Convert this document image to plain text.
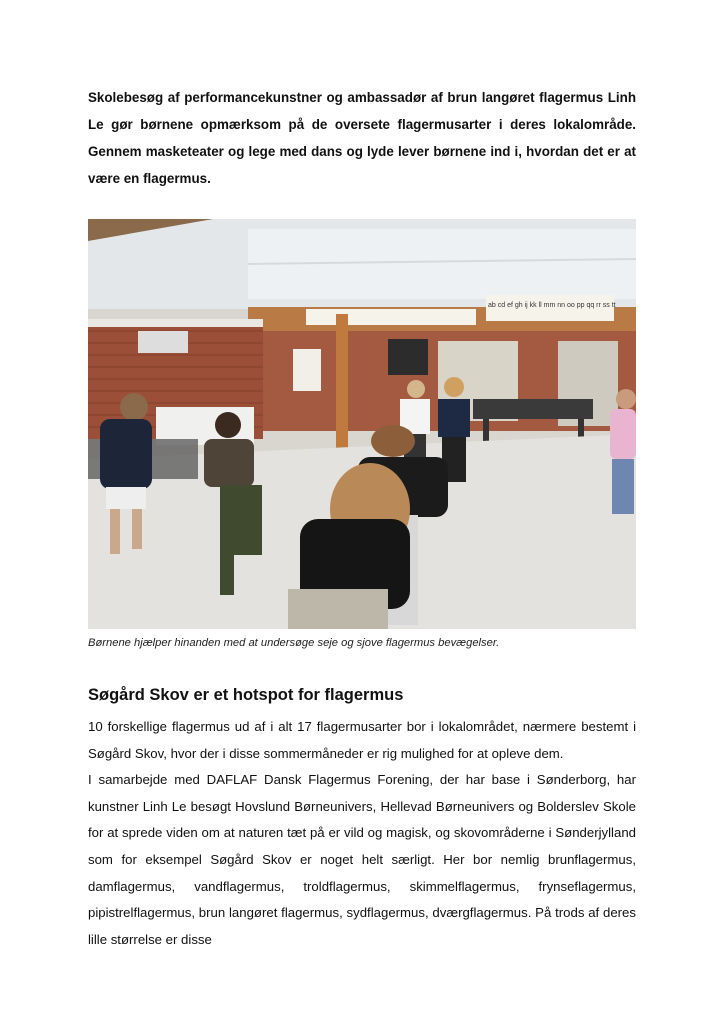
Skolebesøg af performancekunstner og ambassadør af brun langøret flagermus Linh Le gør børnene opmærksom på de oversete flagermusarter i deres lokalområde. Gennem masketeater og lege med dans og lyde lever børnene ind i, hvordan det er at være en flagermus.

ab cd ef gh ij kk ll mm nn oo pp qq rr ss tt

Børnene hjælper hinanden med at undersøge seje og sjove flagermus bevægelser.

Søgård Skov er et hotspot for flagermus

10 forskellige flagermus ud af i alt 17 flagermusarter bor i lokalområdet, nærmere bestemt i Søgård Skov, hvor der i disse sommermåneder er rig mulighed for at opleve dem.

I samarbejde med DAFLAF Dansk Flagermus Forening, der har base i Sønderborg, har kunstner Linh Le besøgt Hovslund Børneunivers, Hellevad Børneunivers og Bolderslev Skole for at sprede viden om at naturen tæt på er vild og magisk, og skovområderne i Sønderjylland som for eksempel Søgård Skov er noget helt særligt. Her bor nemlig brunflagermus, damflagermus, vandflagermus, troldflagermus, skimmelflagermus, frynseflagermus, pipistrelflagermus, brun langøret flagermus, sydflagermus, dværgflagermus. På trods af deres lille størrelse er disse
